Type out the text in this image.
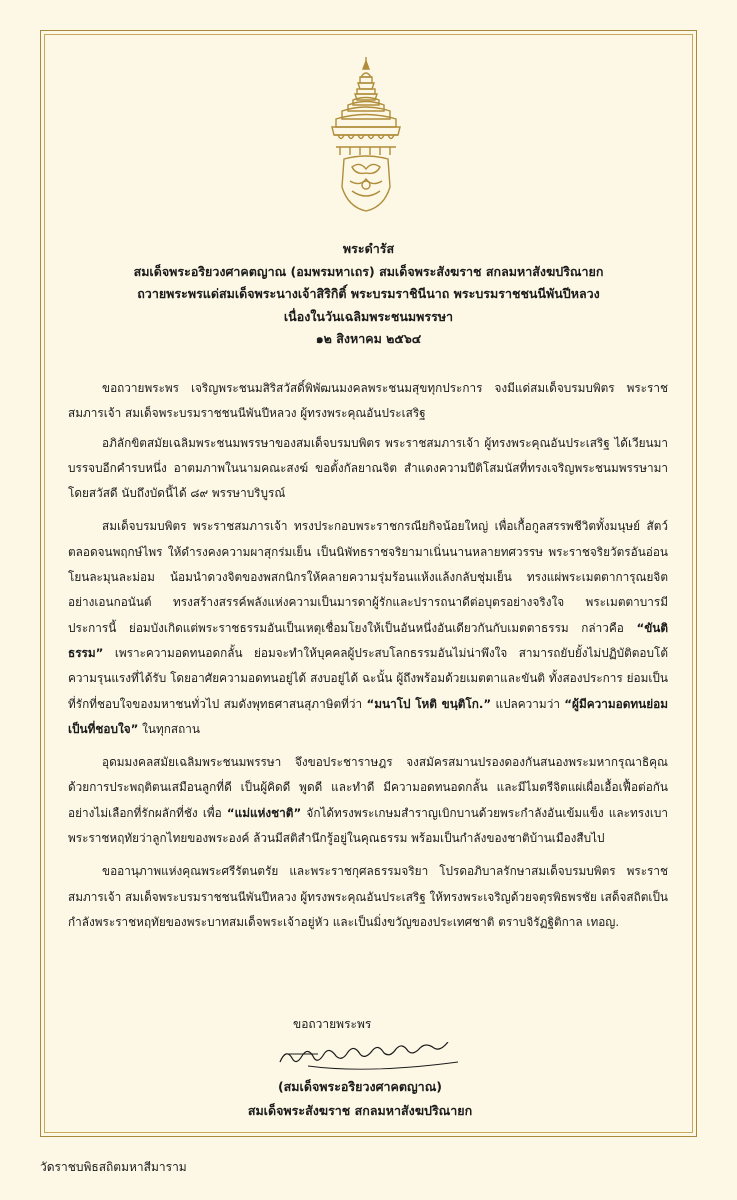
พระดำรัส
สมเด็จพระอริยวงศาคตญาณ (อมพรมหาเถร) สมเด็จพระสังฆราช สกลมหาสังฆปริณายก
ถวายพระพรแด่สมเด็จพระนางเจ้าสิริกิติ์ พระบรมราชินีนาถ พระบรมราชชนนีพันปีหลวง
เนื่องในวันเฉลิมพระชนมพรรษา
๑๒ สิงหาคม ๒๕๖๔

ขอถวายพระพร เจริญพระชนมสิริสวัสดิ์พิพัฒนมงคลพระชนมสุขทุกประการ จงมีแด่สมเด็จบรมบพิตร พระราชสมภารเจ้า สมเด็จพระบรมราชชนนีพันปีหลวง ผู้ทรงพระคุณอันประเสริฐ

อภิลักขิตสมัยเฉลิมพระชนมพรรษาของสมเด็จบรมบพิตร พระราชสมภารเจ้า ผู้ทรงพระคุณอันประเสริฐ ได้เวียนมาบรรจบอีกคำรบหนึ่ง อาตมภาพในนามคณะสงฆ์ ขอตั้งกัลยาณจิต สำแดงความปีติโสมนัสที่ทรงเจริญพระชนมพรรษามาโดยสวัสดี นับถึงบัดนี้ได้ ๘๙ พรรษาบริบูรณ์

สมเด็จบรมบพิตร พระราชสมภารเจ้า ทรงประกอบพระราชกรณียกิจน้อยใหญ่ เพื่อเกื้อกูลสรรพชีวิตทั้งมนุษย์ สัตว์ ตลอดจนพฤกษ์ไพร ให้ดำรงคงความผาสุกร่มเย็น เป็นนิพัทธราชจริยามาเนิ่นนานหลายทศวรรษ พระราชจริยวัตรอันอ่อนโยนละมุนละม่อม น้อมนำดวงจิตของพสกนิกรให้คลายความรุ่มร้อนแห้งแล้งกลับชุ่มเย็น ทรงแผ่พระเมตตาการุณยจิตอย่างเอนกอนันต์ ทรงสร้างสรรค์พลังแห่งความเป็นมารดาผู้รักและปรารถนาดีต่อบุตรอย่างจริงใจ พระเมตตาบารมีประการนี้ ย่อมบังเกิดแต่พระราชธรรมอันเป็นเหตุเชื่อมโยงให้เป็นอันหนึ่งอันเดียวกันกับเมตตาธรรม กล่าวคือ “ขันติธรรม” เพราะความอดทนอดกลั้น ย่อมจะทำให้บุคคลผู้ประสบโลกธรรมอันไม่น่าพึงใจ สามารถยับยั้งไม่ปฏิบัติตอบโต้ความรุนแรงที่ได้รับ โดยอาศัยความอดทนอยู่ได้ สงบอยู่ได้ ฉะนั้น ผู้ถึงพร้อมด้วยเมตตาและขันติ ทั้งสองประการ ย่อมเป็นที่รักที่ชอบใจของมหาชนทั่วไป สมดังพุทธศาสนสุภาษิตที่ว่า “มนาโป โหติ ขนฺติโก.” แปลความว่า “ผู้มีความอดทนย่อมเป็นที่ชอบใจ” ในทุกสถาน

อุดมมงคลสมัยเฉลิมพระชนมพรรษา จึงขอประชาราษฎร จงสมัครสมานปรองดองกันสนองพระมหากรุณาธิคุณด้วยการประพฤติตนเสมือนลูกที่ดี เป็นผู้คิดดี พูดดี และทำดี มีความอดทนอดกลั้น และมีไมตรีจิตแผ่เผื่อเอื้อเฟื้อต่อกันอย่างไม่เลือกที่รักผลักที่ชัง เพื่อ “แม่แห่งชาติ” จักได้ทรงพระเกษมสำราญเบิกบานด้วยพระกำลังอันเข้มแข็ง และทรงเบาพระราชหฤทัยว่าลูกไทยของพระองค์ ล้วนมีสติสำนึกรู้อยู่ในคุณธรรม พร้อมเป็นกำลังของชาติบ้านเมืองสืบไป

ขออานุภาพแห่งคุณพระศรีรัตนตรัย และพระราชกุศลธรรมจริยา โปรดอภิบาลรักษาสมเด็จบรมบพิตร พระราชสมภารเจ้า สมเด็จพระบรมราชชนนีพันปีหลวง ผู้ทรงพระคุณอันประเสริฐ ให้ทรงพระเจริญด้วยจตุรพิธพรชัย เสด็จสถิตเป็นกำลังพระราชหฤทัยของพระบาทสมเด็จพระเจ้าอยู่หัว และเป็นมิ่งขวัญของประเทศชาติ ตราบจิรัฏฐิติกาล เทอญ.

ขอถวายพระพร
(สมเด็จพระอริยวงศาคตญาณ)
สมเด็จพระสังฆราช สกลมหาสังฆปริณายก
วัดราชบพิธสถิตมหาสีมาราม
